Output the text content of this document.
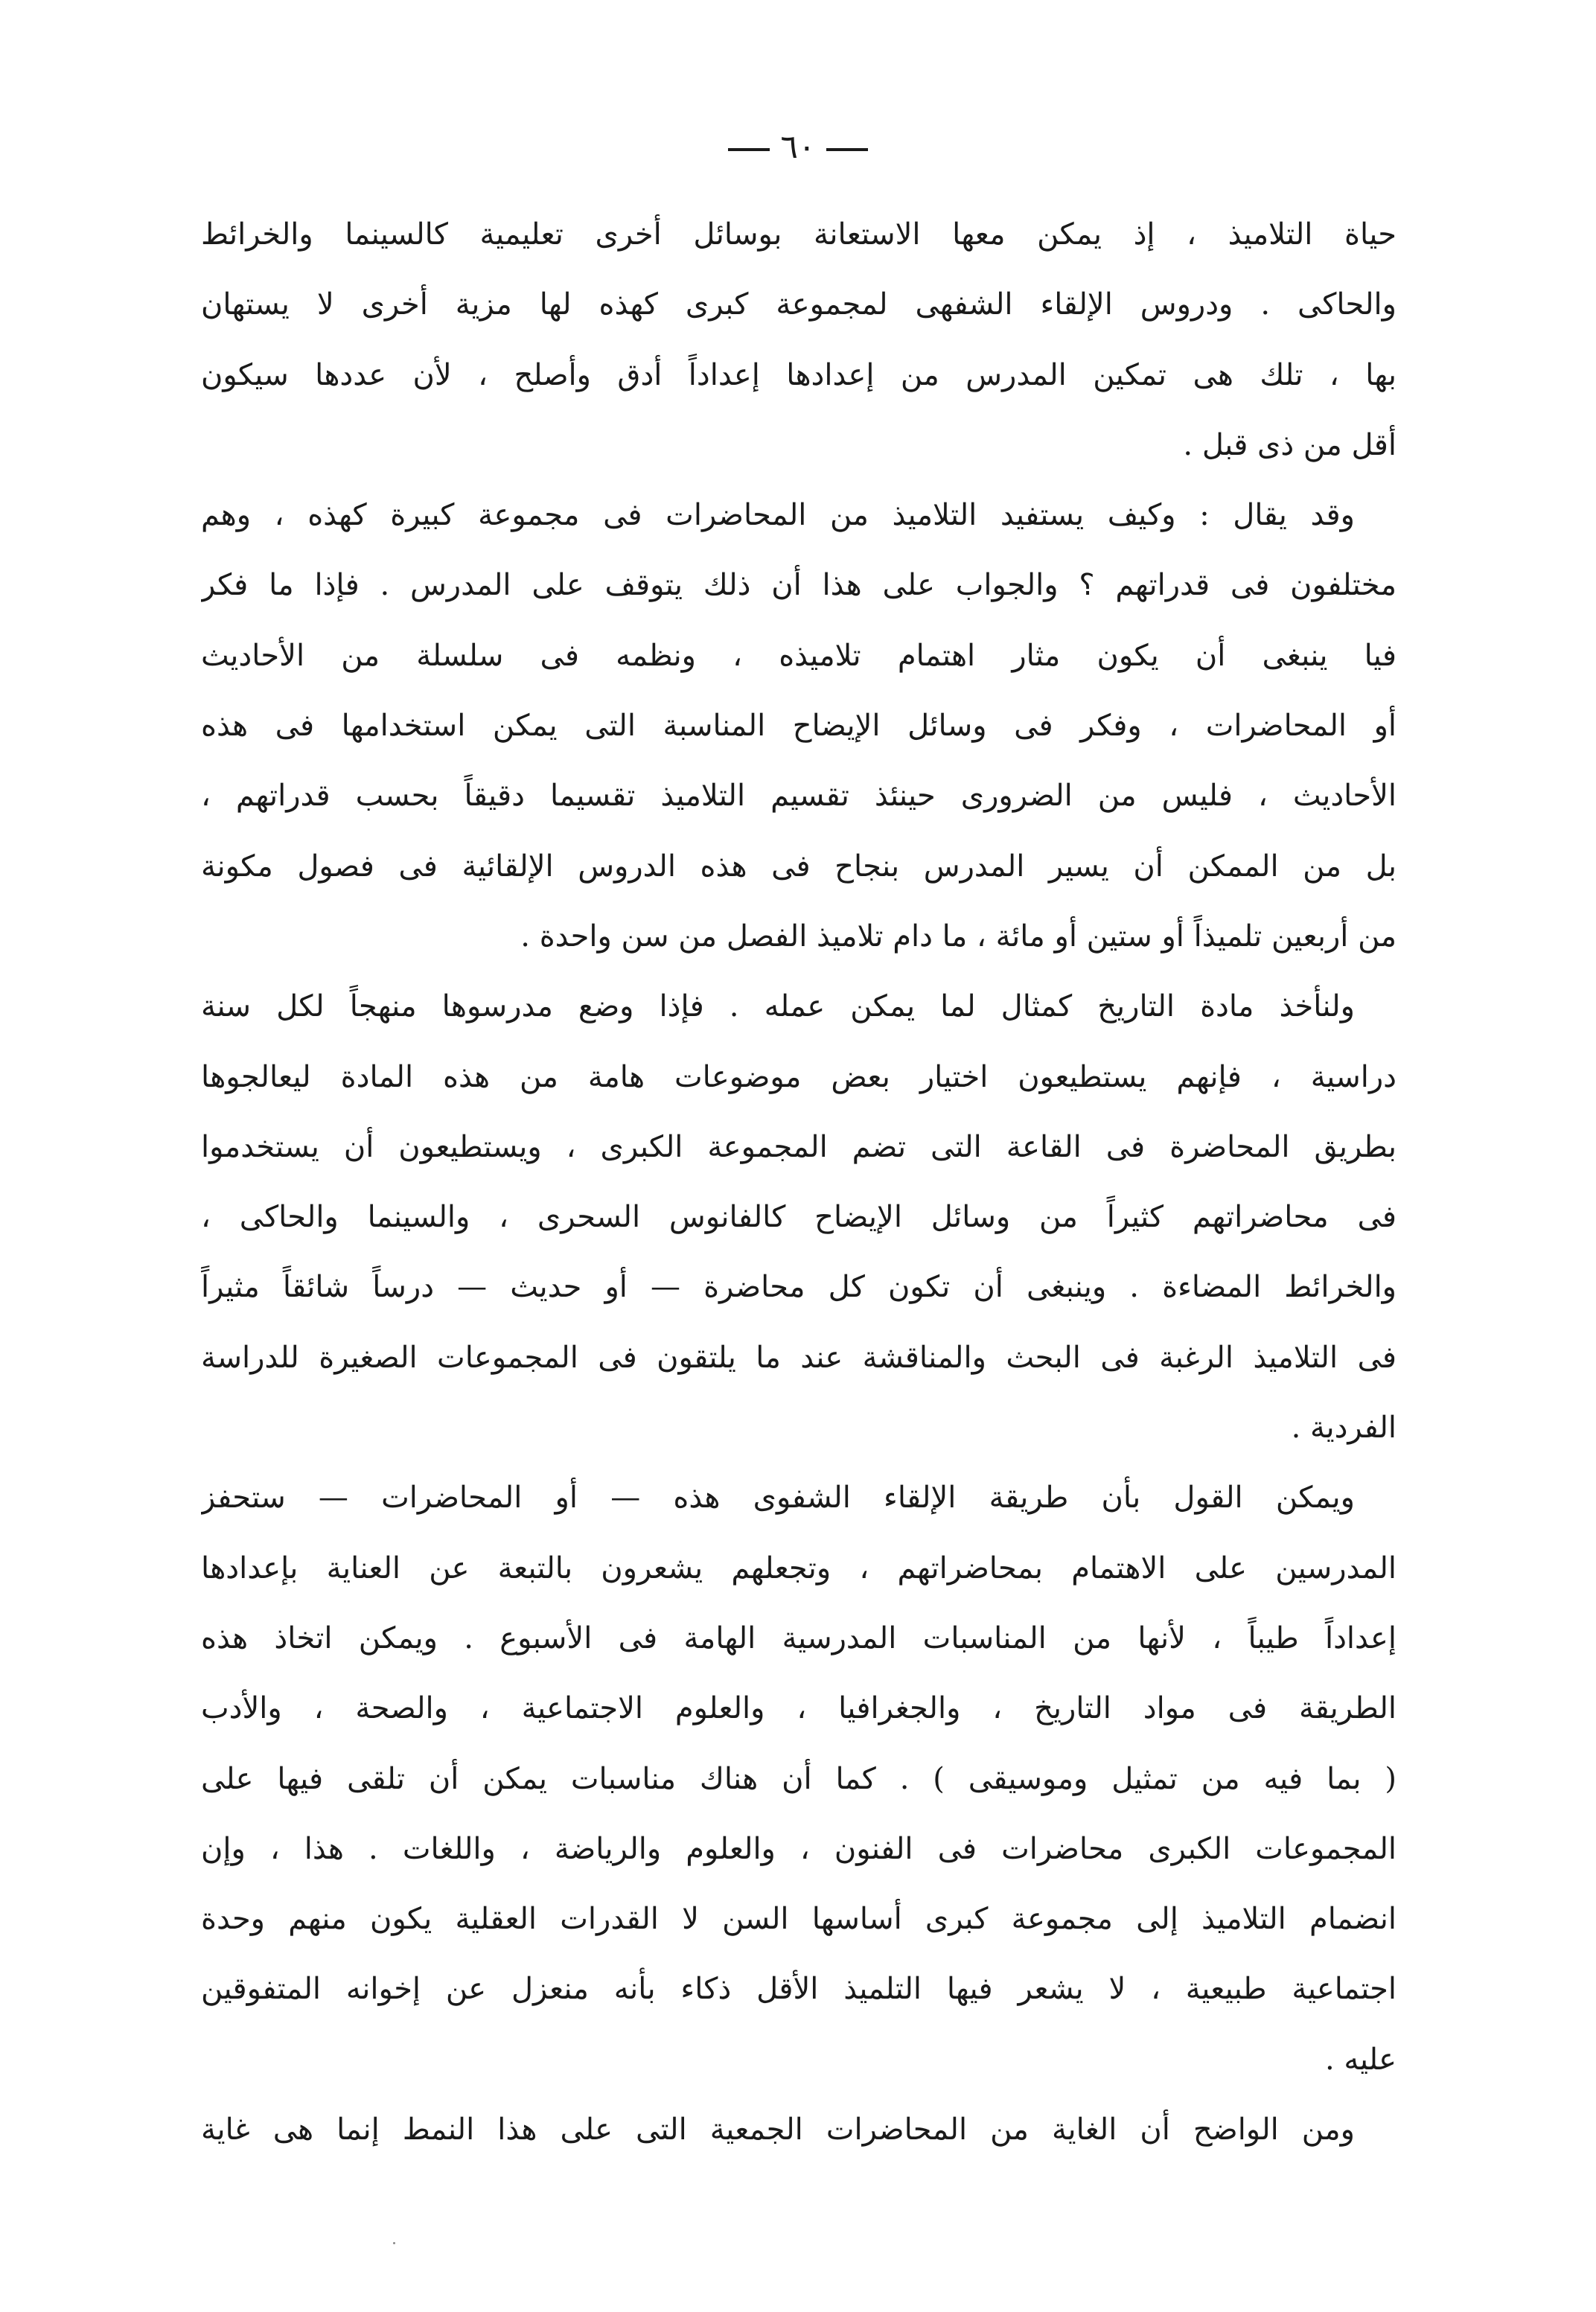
٦٠
حياة التلاميذ ، إذ يمكن معها الاستعانة بوسائل أخرى تعليمية كالسينما والخرائط
والحاكى . ودروس الإلقاء الشفهى لمجموعة كبرى كهذه لها مزية أخرى لا يستهان
بها ، تلك هى تمكين المدرس من إعدادها إعداداً أدق وأصلح ، لأن عددها سيكون
أقل من ذى قبل .
وقد يقال : وكيف يستفيد التلاميذ من المحاضرات فى مجموعة كبيرة كهذه ، وهم
مختلفون فى قدراتهم ؟ والجواب على هذا أن ذلك يتوقف على المدرس . فإذا ما فكر
فيا ينبغى أن يكون مثار اهتمام تلاميذه ، ونظمه فى سلسلة من الأحاديث
أو المحاضرات ، وفكر فى وسائل الإيضاح المناسبة التى يمكن استخدامها فى هذه
الأحاديث ، فليس من الضرورى حينئذ تقسيم التلاميذ تقسيما دقيقاً بحسب قدراتهم ،
بل من الممكن أن يسير المدرس بنجاح فى هذه الدروس الإلقائية فى فصول مكونة
من أربعين تلميذاً أو ستين أو مائة ، ما دام تلاميذ الفصل من سن واحدة .
ولنأخذ مادة التاريخ كمثال لما يمكن عمله . فإذا وضع مدرسوها منهجاً لكل سنة
دراسية ، فإنهم يستطيعون اختيار بعض موضوعات هامة من هذه المادة ليعالجوها
بطريق المحاضرة فى القاعة التى تضم المجموعة الكبرى ، ويستطيعون أن يستخدموا
فى محاضراتهم كثيراً من وسائل الإيضاح كالفانوس السحرى ، والسينما والحاكى ،
والخرائط المضاءة . وينبغى أن تكون كل محاضرة — أو حديث — درساً شائقاً مثيراً
فى التلاميذ الرغبة فى البحث والمناقشة عند ما يلتقون فى المجموعات الصغيرة للدراسة
الفردية .
ويمكن القول بأن طريقة الإلقاء الشفوى هذه — أو المحاضرات — ستحفز
المدرسين على الاهتمام بمحاضراتهم ، وتجعلهم يشعرون بالتبعة عن العناية بإعدادها
إعداداً طيباً ، لأنها من المناسبات المدرسية الهامة فى الأسبوع . ويمكن اتخاذ هذه
الطريقة فى مواد التاريخ ، والجغرافيا ، والعلوم الاجتماعية ، والصحة ، والأدب
( بما فيه من تمثيل وموسيقى ) . كما أن هناك مناسبات يمكن أن تلقى فيها على
المجموعات الكبرى محاضرات فى الفنون ، والعلوم والرياضة ، واللغات . هذا ، وإن
انضمام التلاميذ إلى مجموعة كبرى أساسها السن لا القدرات العقلية يكون منهم وحدة
اجتماعية طبيعية ، لا يشعر فيها التلميذ الأقل ذكاء بأنه منعزل عن إخوانه المتفوقين
عليه .
ومن الواضح أن الغاية من المحاضرات الجمعية التى على هذا النمط إنما هى غاية
